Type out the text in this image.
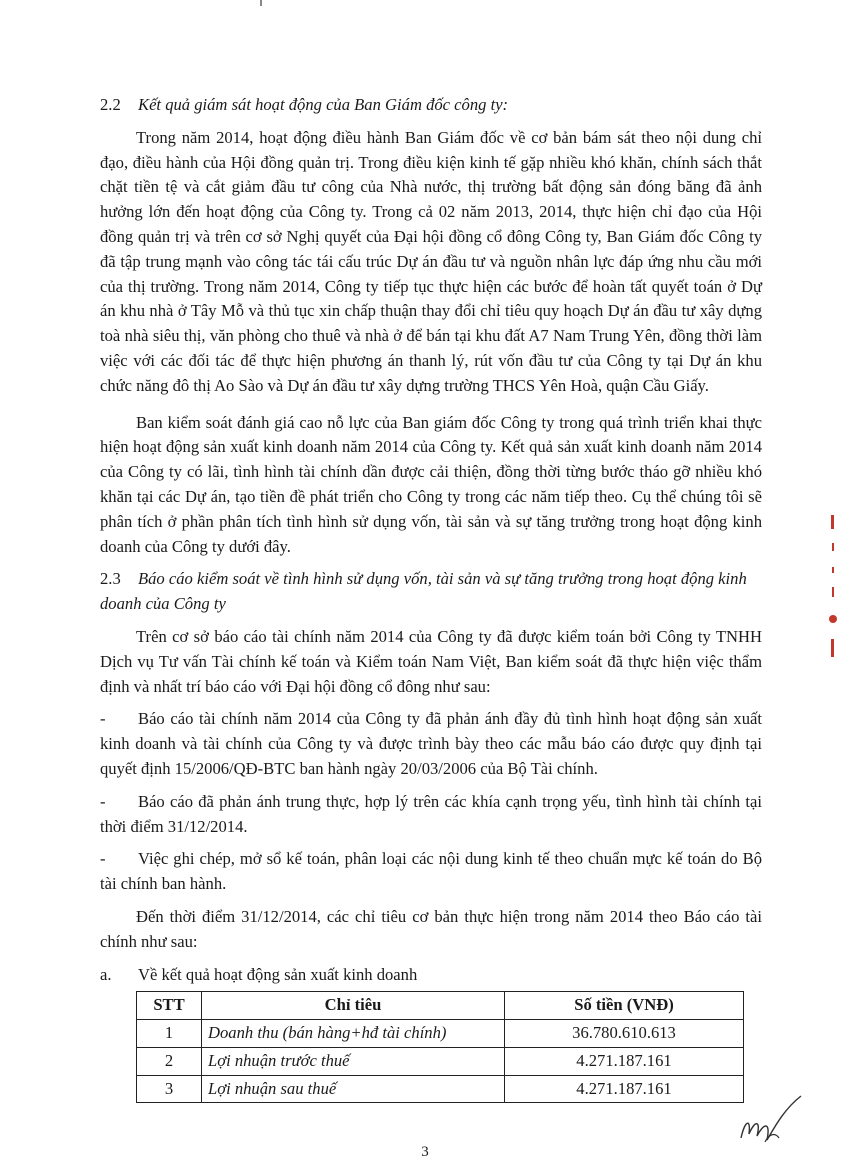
2.2 Kết quả giám sát hoạt động của Ban Giám đốc công ty:

Trong năm 2014, hoạt động điều hành Ban Giám đốc về cơ bản bám sát theo nội dung chỉ đạo, điều hành của Hội đồng quản trị. Trong điều kiện kinh tế gặp nhiều khó khăn, chính sách thắt chặt tiền tệ và cắt giảm đầu tư công của Nhà nước, thị trường bất động sản đóng băng đã ảnh hưởng lớn đến hoạt động của Công ty. Trong cả 02 năm 2013, 2014, thực hiện chỉ đạo của Hội đồng quản trị và trên cơ sở Nghị quyết của Đại hội đồng cổ đông Công ty, Ban Giám đốc Công ty đã tập trung mạnh vào công tác tái cấu trúc Dự án đầu tư và nguồn nhân lực đáp ứng nhu cầu mới của thị trường. Trong năm 2014, Công ty tiếp tục thực hiện các bước để hoàn tất quyết toán ở Dự án khu nhà ở Tây Mỗ và thủ tục xin chấp thuận thay đổi chỉ tiêu quy hoạch Dự án đầu tư xây dựng toà nhà siêu thị, văn phòng cho thuê và nhà ở để bán tại khu đất A7 Nam Trung Yên, đồng thời làm việc với các đối tác để thực hiện phương án thanh lý, rút vốn đầu tư của Công ty tại Dự án khu chức năng đô thị Ao Sào và Dự án đầu tư xây dựng trường THCS Yên Hoà, quận Cầu Giấy.

Ban kiểm soát đánh giá cao nỗ lực của Ban giám đốc Công ty trong quá trình triển khai thực hiện hoạt động sản xuất kinh doanh năm 2014 của Công ty. Kết quả sản xuất kinh doanh năm 2014 của Công ty có lãi, tình hình tài chính dần được cải thiện, đồng thời từng bước tháo gỡ nhiều khó khăn tại các Dự án, tạo tiền đề phát triển cho Công ty trong các năm tiếp theo. Cụ thể chúng tôi sẽ phân tích ở phần phân tích tình hình sử dụng vốn, tài sản và sự tăng trưởng trong hoạt động kinh doanh của Công ty dưới đây.

2.3 Báo cáo kiểm soát về tình hình sử dụng vốn, tài sản và sự tăng trưởng trong hoạt động kinh doanh của Công ty

Trên cơ sở báo cáo tài chính năm 2014 của Công ty đã được kiểm toán bởi Công ty TNHH Dịch vụ Tư vấn Tài chính kế toán và Kiểm toán Nam Việt, Ban kiểm soát đã thực hiện việc thẩm định và nhất trí báo cáo với Đại hội đồng cổ đông như sau:

- Báo cáo tài chính năm 2014 của Công ty đã phản ánh đầy đủ tình hình hoạt động sản xuất kinh doanh và tài chính của Công ty và được trình bày theo các mẫu báo cáo được quy định tại quyết định 15/2006/QĐ-BTC ban hành ngày 20/03/2006 của Bộ Tài chính.

- Báo cáo đã phản ánh trung thực, hợp lý trên các khía cạnh trọng yếu, tình hình tài chính tại thời điểm 31/12/2014.

- Việc ghi chép, mở sổ kế toán, phân loại các nội dung kinh tế theo chuẩn mực kế toán do Bộ tài chính ban hành.

Đến thời điểm 31/12/2014, các chỉ tiêu cơ bản thực hiện trong năm 2014 theo Báo cáo tài chính như sau:

a. Về kết quả hoạt động sản xuất kinh doanh

STT	Chỉ tiêu	Số tiền (VNĐ)
1	Doanh thu (bán hàng+hđ tài chính)	36.780.610.613
2	Lợi nhuận trước thuế	4.271.187.161
3	Lợi nhuận sau thuế	4.271.187.161
3
